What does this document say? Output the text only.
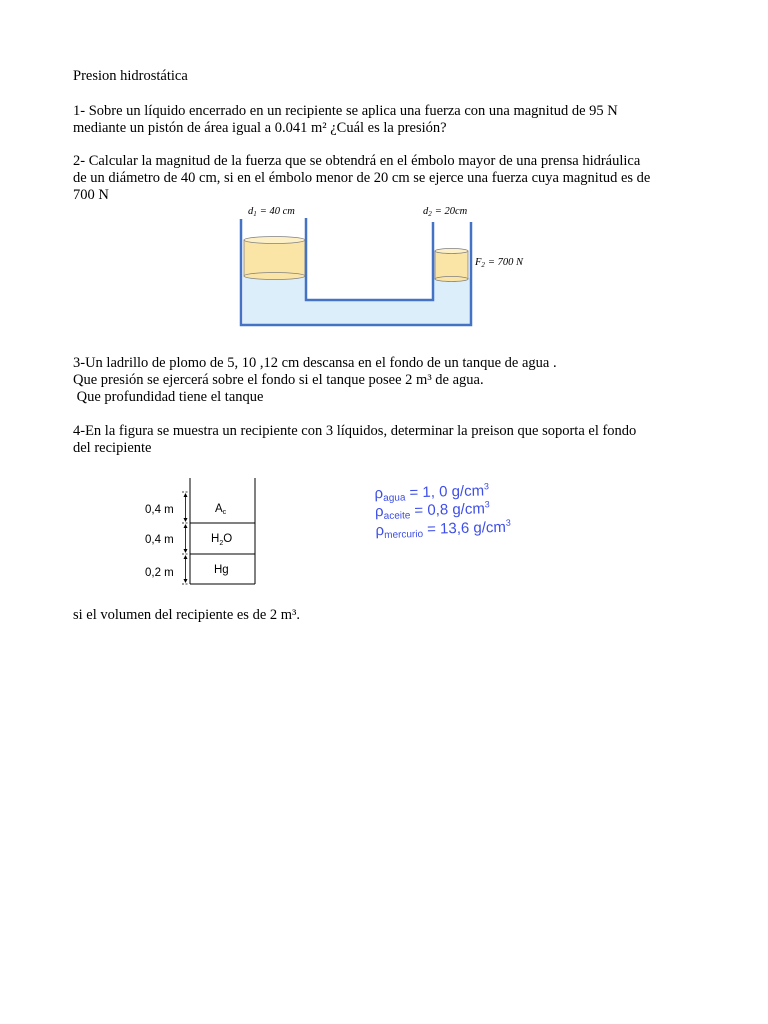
Presion hidrostática
1- Sobre un líquido encerrado en un recipiente se aplica una fuerza con una magnitud de 95 N
mediante un pistón de área igual a 0.041 m² ¿Cuál es la presión?
2- Calcular la magnitud de la fuerza que se obtendrá en el émbolo mayor de una prensa hidráulica
de un diámetro de 40 cm, si en el émbolo menor de 20 cm se ejerce una fuerza cuya magnitud es de
700 N
d1 = 40 cm	d2 = 20cm
F2 = 700 N
3-Un ladrillo de plomo de 5, 10 ,12 cm descansa en el fondo de un tanque de agua .
Que presión se ejercerá sobre el fondo si el tanque posee 2 m³ de agua.
Que profundidad tiene el tanque
4-En la figura se muestra un recipiente con 3 líquidos, determinar la preison que soporta el fondo
del recipiente
0,4 m
0,4 m
0,2 m
Ac
$H_2O$
Hg
$\rho_{agua} = 1$, 0 $g/cm^3$
$\rho_{aceite} = 0,8$ $g/cm^3$
$\rho_{mercurio} = 13,6$ $g/cm^3$
si el volumen del recipiente es de 2 m³.
